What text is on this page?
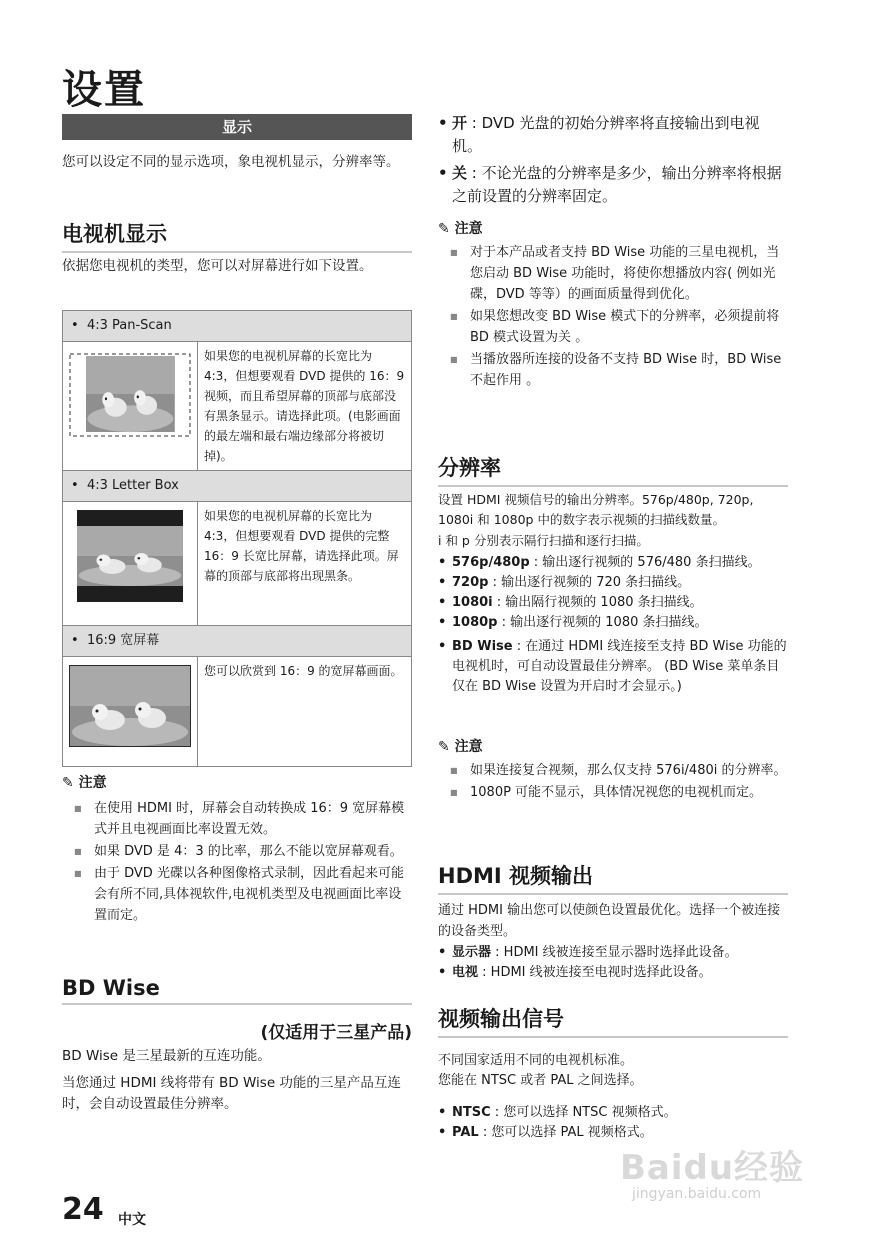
设置
显示
您可以设定不同的显示选项，象电视机显示，分辨率等。
电视机显示
依据您电视机的类型，您可以对屏幕进行如下设置。
•  4:3 Pan-Scan	

	如果您的电视机屏幕的长宽比为 4:3，但想要观看 DVD 提供的 16：9 视频，而且希望屏幕的顶部与底部没有黑条显示。请选择此项。(电影画面的最左端和最右端边缘部分将被切掉)。
•  4:3 Letter Box	

	如果您的电视机屏幕的长宽比为 4:3，但想要观看 DVD 提供的完整 16：9 长宽比屏幕，请选择此项。屏幕的顶部与底部将出现黑条。
•  16:9 宽屏幕	

	您可以欣赏到 16：9 的宽屏幕画面。
✎ 注意
■ 在使用 HDMI 时，屏幕会自动转换成 16：9 宽屏幕模式并且电视画面比率设置无效。
■ 如果 DVD 是 4：3 的比率，那么不能以宽屏幕观看。
■ 由于 DVD 光碟以各种图像格式录制，因此看起来可能会有所不同,具体视软件,电视机类型及电视画面比率设置而定。
BD Wise
(仅适用于三星产品)
BD Wise 是三星最新的互连功能。
当您通过 HDMI 线将带有 BD Wise 功能的三星产品互连时，会自动设置最佳分辨率。
• 开 : DVD 光盘的初始分辨率将直接输出到电视机。
• 关 : 不论光盘的分辨率是多少，输出分辨率将根据之前设置的分辨率固定。
✎ 注意
■ 对于本产品或者支持 BD Wise 功能的三星电视机，当您启动 BD Wise 功能时，将使你想播放内容( 例如光碟，DVD 等等）的画面质量得到优化。
■ 如果您想改变 BD Wise 模式下的分辨率，必须提前将 BD 模式设置为关 。
■ 当播放器所连接的设备不支持 BD Wise 时，BD Wise 不起作用 。
分辨率
设置 HDMI 视频信号的输出分辨率。576p/480p, 720p, 1080i 和 1080p 中的数字表示视频的扫描线数量。
i 和 p 分别表示隔行扫描和逐行扫描。
• 576p/480p : 输出逐行视频的 576/480 条扫描线。
• 720p : 输出逐行视频的 720 条扫描线。
• 1080i : 输出隔行视频的 1080 条扫描线。
• 1080p : 输出逐行视频的 1080 条扫描线。
• BD Wise : 在通过 HDMI 线连接至支持 BD Wise 功能的电视机时，可自动设置最佳分辨率。 (BD Wise 菜单条目仅在 BD Wise 设置为开启时才会显示。)
✎ 注意
■ 如果连接复合视频，那么仅支持 576i/480i 的分辨率。
■ 1080P 可能不显示，具体情况视您的电视机而定。
HDMI 视频输出
通过 HDMI 输出您可以使颜色设置最优化。选择一个被连接的设备类型。
• 显示器 : HDMI 线被连接至显示器时选择此设备。
• 电视 : HDMI 线被连接至电视时选择此设备。
视频输出信号
不同国家适用不同的电视机标准。
您能在 NTSC 或者 PAL 之间选择。
• NTSC : 您可以选择 NTSC 视频格式。
• PAL : 您可以选择 PAL 视频格式。
24 中文
Baidu经验
jingyan.baidu.com
